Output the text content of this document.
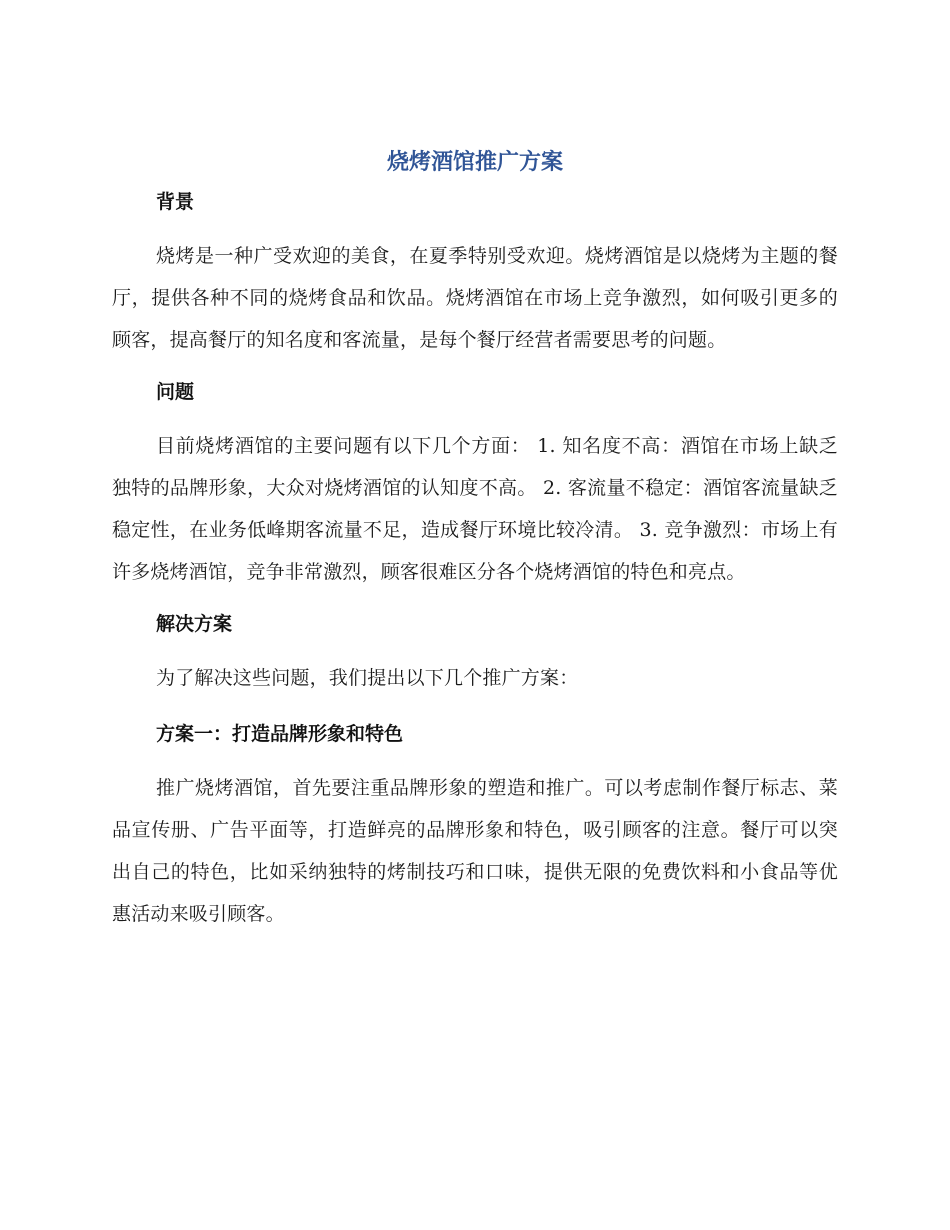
烧烤酒馆推广方案
背景

烧烤是一种广受欢迎的美食，在夏季特别受欢迎。烧烤酒馆是以烧烤为主题的餐厅，提供各种不同的烧烤食品和饮品。烧烤酒馆在市场上竞争激烈，如何吸引更多的顾客，提高餐厅的知名度和客流量，是每个餐厅经营者需要思考的问题。

问题

目前烧烤酒馆的主要问题有以下几个方面： 1. 知名度不高：酒馆在市场上缺乏独特的品牌形象，大众对烧烤酒馆的认知度不高。 2. 客流量不稳定：酒馆客流量缺乏稳定性，在业务低峰期客流量不足，造成餐厅环境比较冷清。 3. 竞争激烈：市场上有许多烧烤酒馆，竞争非常激烈，顾客很难区分各个烧烤酒馆的特色和亮点。

解决方案

为了解决这些问题，我们提出以下几个推广方案：

方案一：打造品牌形象和特色

推广烧烤酒馆，首先要注重品牌形象的塑造和推广。可以考虑制作餐厅标志、菜品宣传册、广告平面等，打造鲜亮的品牌形象和特色，吸引顾客的注意。餐厅可以突出自己的特色，比如采纳独特的烤制技巧和口味，提供无限的免费饮料和小食品等优惠活动来吸引顾客。
